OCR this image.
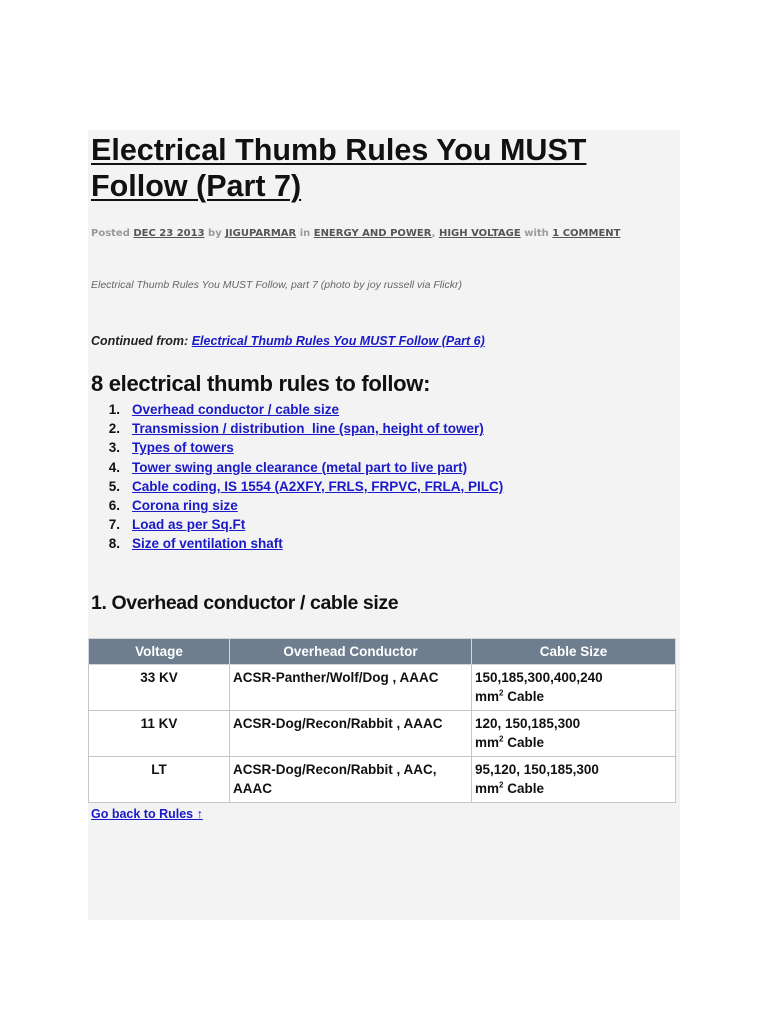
Electrical Thumb Rules You MUST Follow (Part 7)
Posted DEC 23 2013 by JIGUPARMAR in ENERGY AND POWER, HIGH VOLTAGE with 1 COMMENT

Electrical Thumb Rules You MUST Follow, part 7 (photo by joy russell via Flickr)

Continued from: Electrical Thumb Rules You MUST Follow (Part 6)

8 electrical thumb rules to follow:
1. Overhead conductor / cable size
2. Transmission / distribution  line (span, height of tower)
3. Types of towers
4. Tower swing angle clearance (metal part to live part)
5. Cable coding, IS 1554 (A2XFY, FRLS, FRPVC, FRLA, PILC)
6. Corona ring size
7. Load as per Sq.Ft
8. Size of ventilation shaft
1. Overhead conductor / cable size
Voltage	Overhead Conductor	Cable Size
33 KV	ACSR-Panther/Wolf/Dog , AAAC	150,185,300,400,240
$mm^2$ Cable
11 KV	ACSR-Dog/Recon/Rabbit , AAAC	120, 150,185,300
$mm^2$ Cable
LT	ACSR-Dog/Recon/Rabbit , AAC, AAAC	95,120, 150,185,300
$mm^2$ Cable
Go back to Rules ↑
